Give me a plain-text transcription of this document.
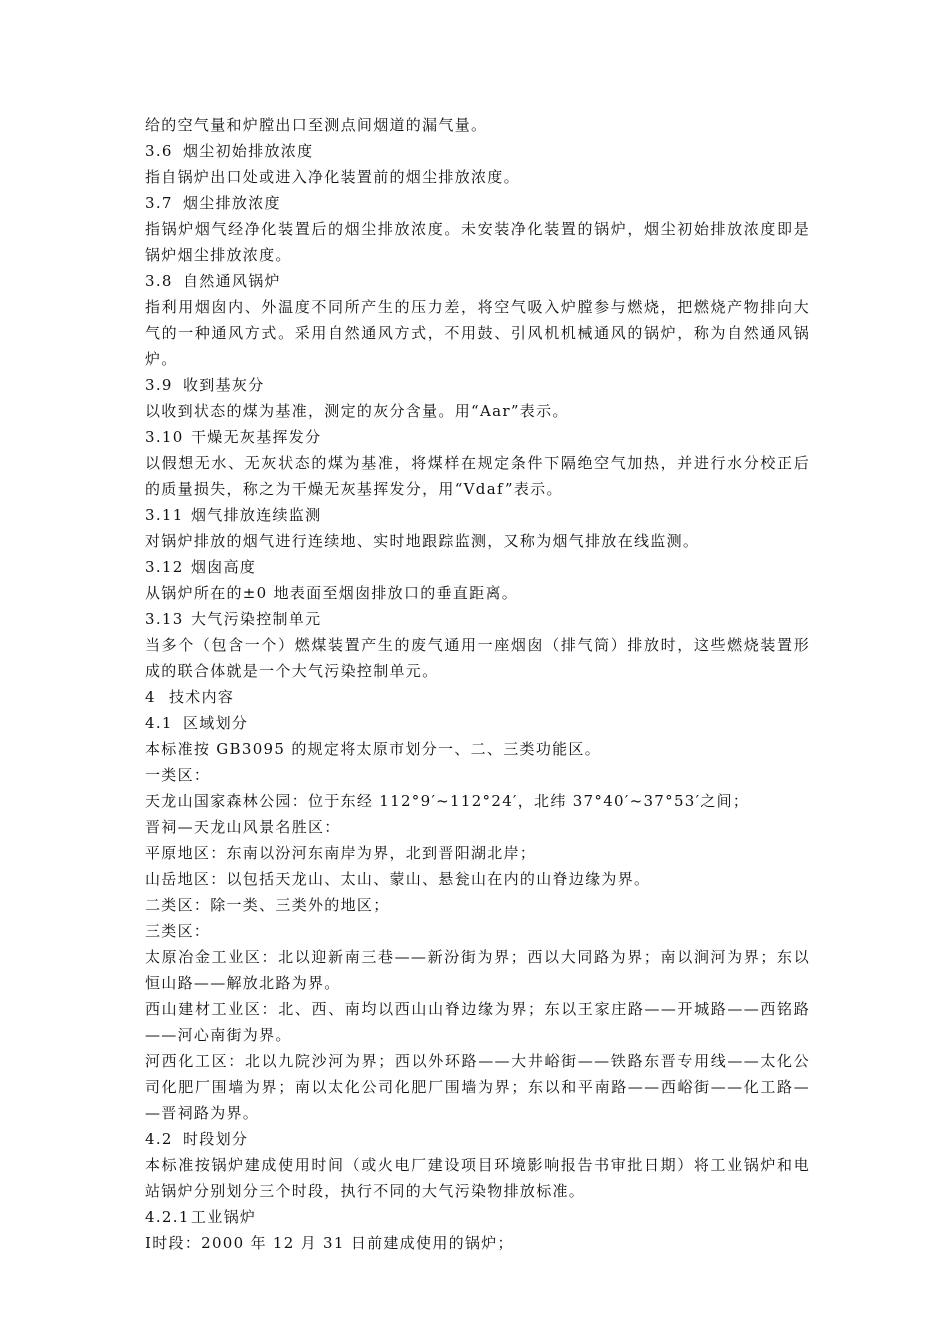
给的空气量和炉膛出口至测点间烟道的漏气量。
3.6 烟尘初始排放浓度
指自锅炉出口处或进入净化装置前的烟尘排放浓度。
3.7 烟尘排放浓度
指锅炉烟气经净化装置后的烟尘排放浓度。未安装净化装置的锅炉，烟尘初始排放浓度即是
锅炉烟尘排放浓度。
3.8 自然通风锅炉
指利用烟囱内、外温度不同所产生的压力差，将空气吸入炉膛参与燃烧，把燃烧产物排向大
气的一种通风方式。采用自然通风方式，不用鼓、引风机机械通风的锅炉，称为自然通风锅
炉。
3.9 收到基灰分
以收到状态的煤为基准，测定的灰分含量。用“Aar”表示。
3.10 干燥无灰基挥发分
以假想无水、无灰状态的煤为基准，将煤样在规定条件下隔绝空气加热，并进行水分校正后
的质量损失，称之为干燥无灰基挥发分，用“Vdaf”表示。
3.11 烟气排放连续监测
对锅炉排放的烟气进行连续地、实时地跟踪监测，又称为烟气排放在线监测。
3.12 烟囱高度
从锅炉所在的±0 地表面至烟囱排放口的垂直距离。
3.13 大气污染控制单元
当多个（包含一个）燃煤装置产生的废气通用一座烟囱（排气筒）排放时，这些燃烧装置形
成的联合体就是一个大气污染控制单元。
4 技术内容
4.1 区域划分
本标准按 GB3095 的规定将太原市划分一、二、三类功能区。
一类区：
天龙山国家森林公园：位于东经 112°9′~112°24′，北纬 37°40′~37°53′之间；
晋祠—天龙山风景名胜区：
平原地区：东南以汾河东南岸为界，北到晋阳湖北岸；
山岳地区：以包括天龙山、太山、蒙山、悬瓮山在内的山脊边缘为界。
二类区：除一类、三类外的地区；
三类区：
太原冶金工业区：北以迎新南三巷——新汾街为界；西以大同路为界；南以涧河为界；东以
恒山路——解放北路为界。
西山建材工业区：北、西、南均以西山山脊边缘为界；东以王家庄路——开城路——西铭路
——河心南街为界。
河西化工区：北以九院沙河为界；西以外环路——大井峪街——铁路东晋专用线——太化公
司化肥厂围墙为界；南以太化公司化肥厂围墙为界；东以和平南路——西峪街——化工路—
—晋祠路为界。
4.2 时段划分
本标准按锅炉建成使用时间（或火电厂建设项目环境影响报告书审批日期）将工业锅炉和电
站锅炉分别划分三个时段，执行不同的大气污染物排放标准。
4.2.1工业锅炉
Ⅰ时段：2000 年 12 月 31 日前建成使用的锅炉；
